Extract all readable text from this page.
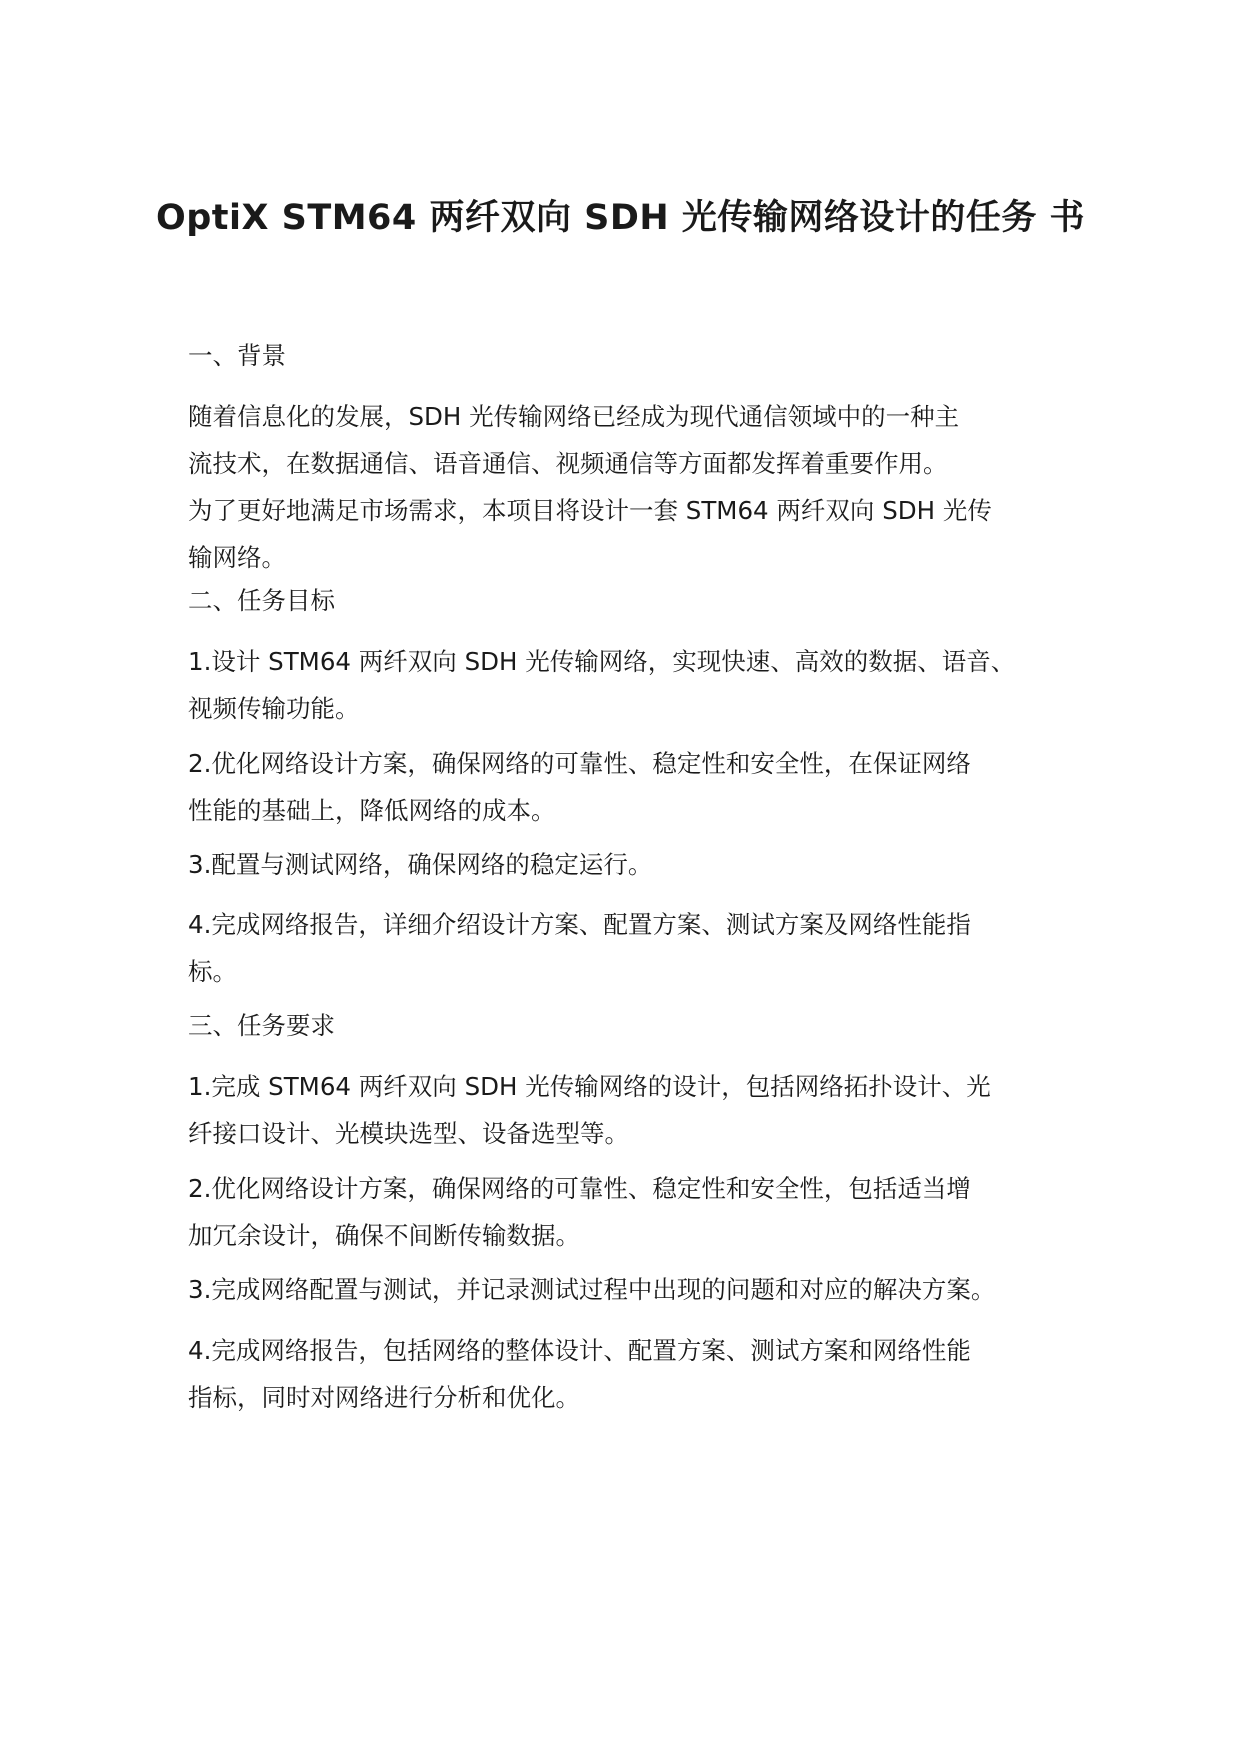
OptiX STM64 两纤双向 SDH 光传输网络设计的任务 书

一、背景

随着信息化的发展，SDH 光传输网络已经成为现代通信领域中的一种主
流技术，在数据通信、语音通信、视频通信等方面都发挥着重要作用。
为了更好地满足市场需求，本项目将设计一套 STM64 两纤双向 SDH 光传
输网络。

二、任务目标

1.设计 STM64 两纤双向 SDH 光传输网络，实现快速、高效的数据、语音、
视频传输功能。

2.优化网络设计方案，确保网络的可靠性、稳定性和安全性，在保证网络
性能的基础上，降低网络的成本。

3.配置与测试网络，确保网络的稳定运行。

4.完成网络报告，详细介绍设计方案、配置方案、测试方案及网络性能指
标。

三、任务要求

1.完成 STM64 两纤双向 SDH 光传输网络的设计，包括网络拓扑设计、光
纤接口设计、光模块选型、设备选型等。

2.优化网络设计方案，确保网络的可靠性、稳定性和安全性，包括适当增
加冗余设计，确保不间断传输数据。

3.完成网络配置与测试，并记录测试过程中出现的问题和对应的解决方案。

4.完成网络报告，包括网络的整体设计、配置方案、测试方案和网络性能
指标，同时对网络进行分析和优化。
